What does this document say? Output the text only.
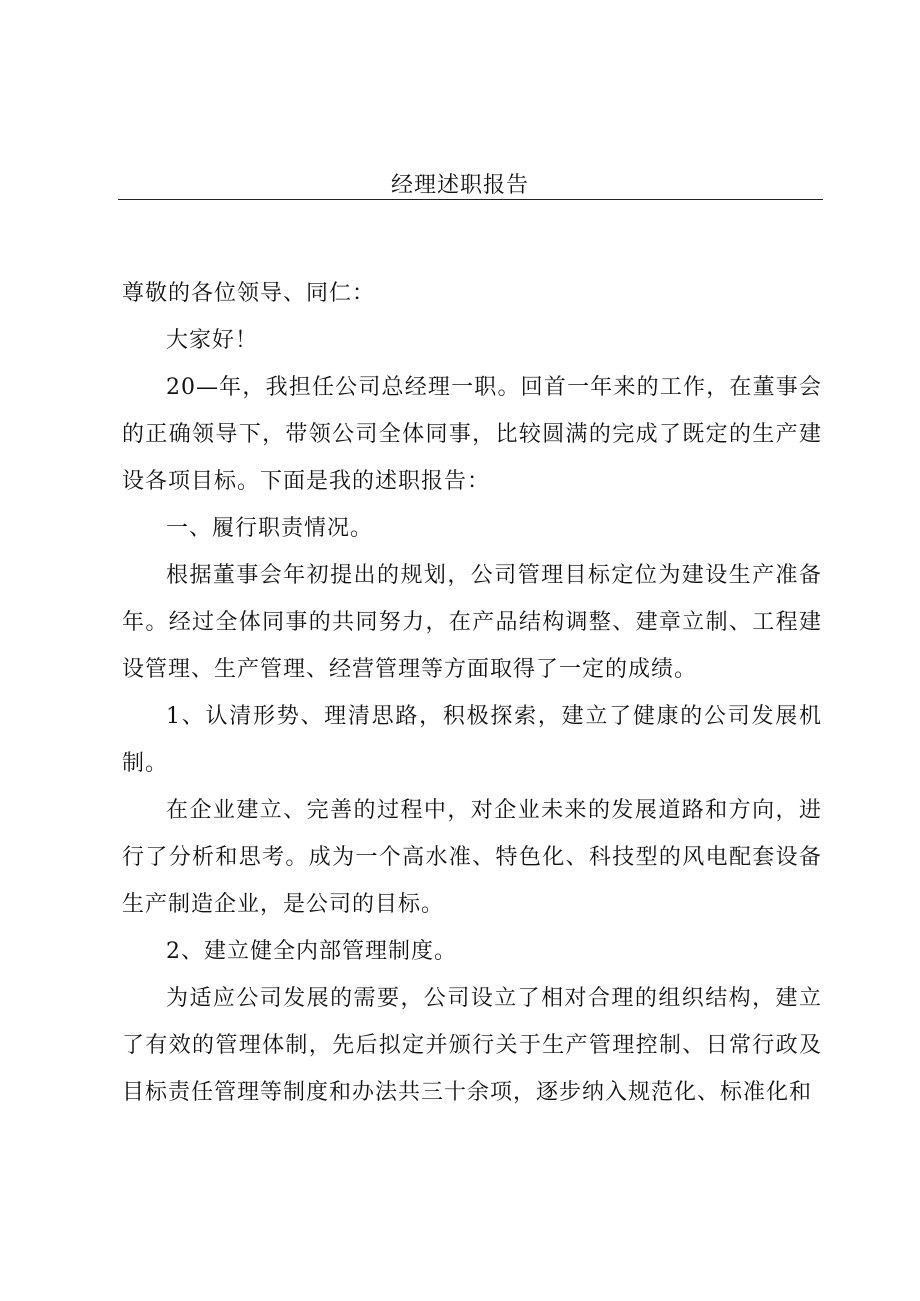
经理述职报告

尊敬的各位领导、同仁：

大家好！

20—年，我担任公司总经理一职。回首一年来的工作，在董事会的正确领导下，带领公司全体同事，比较圆满的完成了既定的生产建设各项目标。下面是我的述职报告：

一、履行职责情况。

根据董事会年初提出的规划，公司管理目标定位为建设生产准备年。经过全体同事的共同努力，在产品结构调整、建章立制、工程建设管理、生产管理、经营管理等方面取得了一定的成绩。

1、认清形势、理清思路，积极探索，建立了健康的公司发展机制。

在企业建立、完善的过程中，对企业未来的发展道路和方向，进行了分析和思考。成为一个高水准、特色化、科技型的风电配套设备生产制造企业，是公司的目标。

2、建立健全内部管理制度。

为适应公司发展的需要，公司设立了相对合理的组织结构，建立了有效的管理体制，先后拟定并颁行关于生产管理控制、日常行政及目标责任管理等制度和办法共三十余项，逐步纳入规范化、标准化和
